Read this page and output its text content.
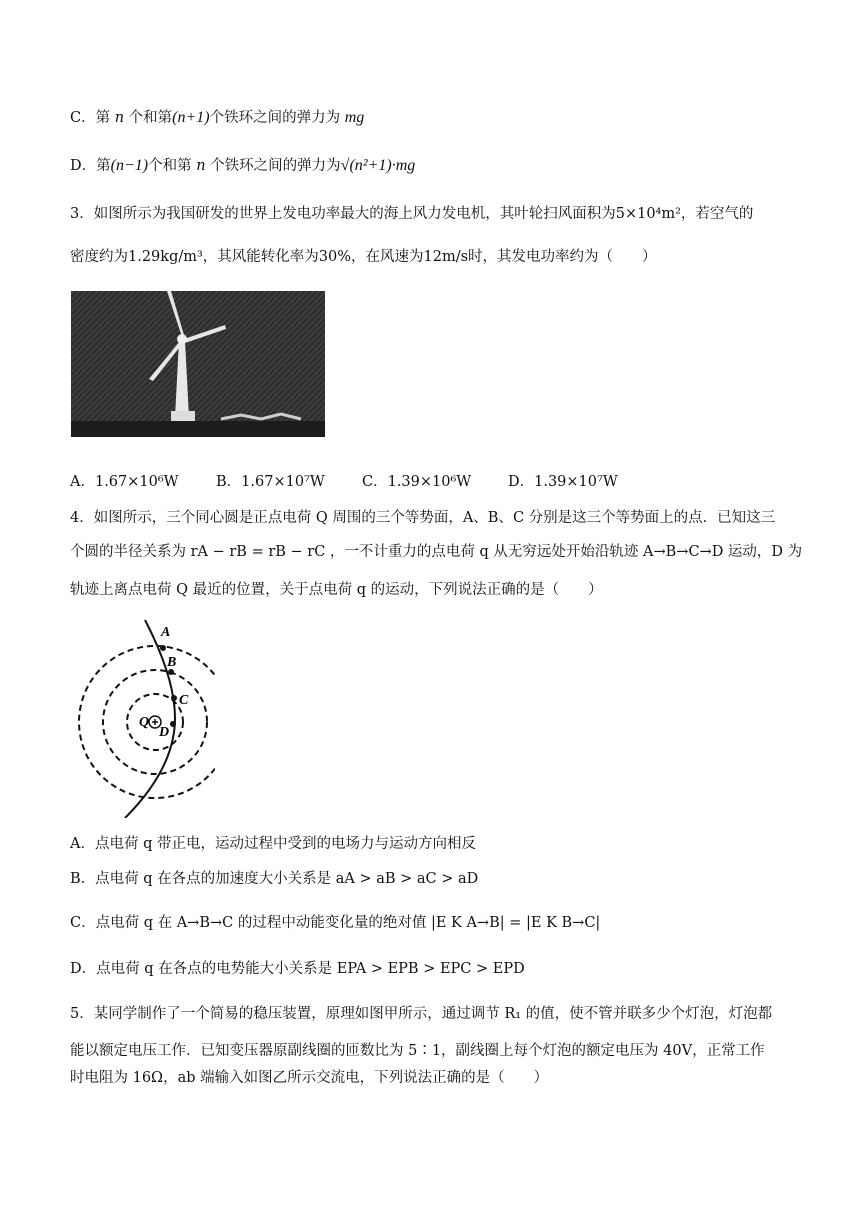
C．第 n 个和第(n+1)个铁环之间的弹力为 mg
D．第(n−1)个和第 n 个铁环之间的弹力为√(n²+1)·mg
3．如图所示为我国研发的世界上发电功率最大的海上风力发电机，其叶轮扫风面积为5×10⁴m²，若空气的
密度约为1.29kg/m³，其风能转化率为30%，在风速为12m/s时，其发电功率约为（　　）
A．1.67×10⁶W	B．1.67×10⁷W	C．1.39×10⁶W	D．1.39×10⁷W
4．如图所示，三个同心圆是正点电荷 Q 周围的三个等势面，A、B、C 分别是这三个等势面上的点．已知这三
个圆的半径关系为 rA − rB = rB − rC ，一不计重力的点电荷 q 从无穷远处开始沿轨迹 A→B→C→D 运动，D 为
轨迹上离点电荷 Q 最近的位置，关于点电荷 q 的运动，下列说法正确的是（　　）
A
B
C
Q
D
A．点电荷 q 带正电，运动过程中受到的电场力与运动方向相反
B．点电荷 q 在各点的加速度大小关系是 aA > aB > aC > aD
C．点电荷 q 在 A→B→C 的过程中动能变化量的绝对值 |E K A→B| = |E K B→C|
D．点电荷 q 在各点的电势能大小关系是 EPA > EPB > EPC > EPD
5．某同学制作了一个简易的稳压装置，原理如图甲所示，通过调节 R₁ 的值，使不管并联多少个灯泡，灯泡都
能以额定电压工作．已知变压器原副线圈的匝数比为 5∶1，副线圈上每个灯泡的额定电压为 40V，正常工作
时电阻为 16Ω，ab 端输入如图乙所示交流电，下列说法正确的是（　　）
